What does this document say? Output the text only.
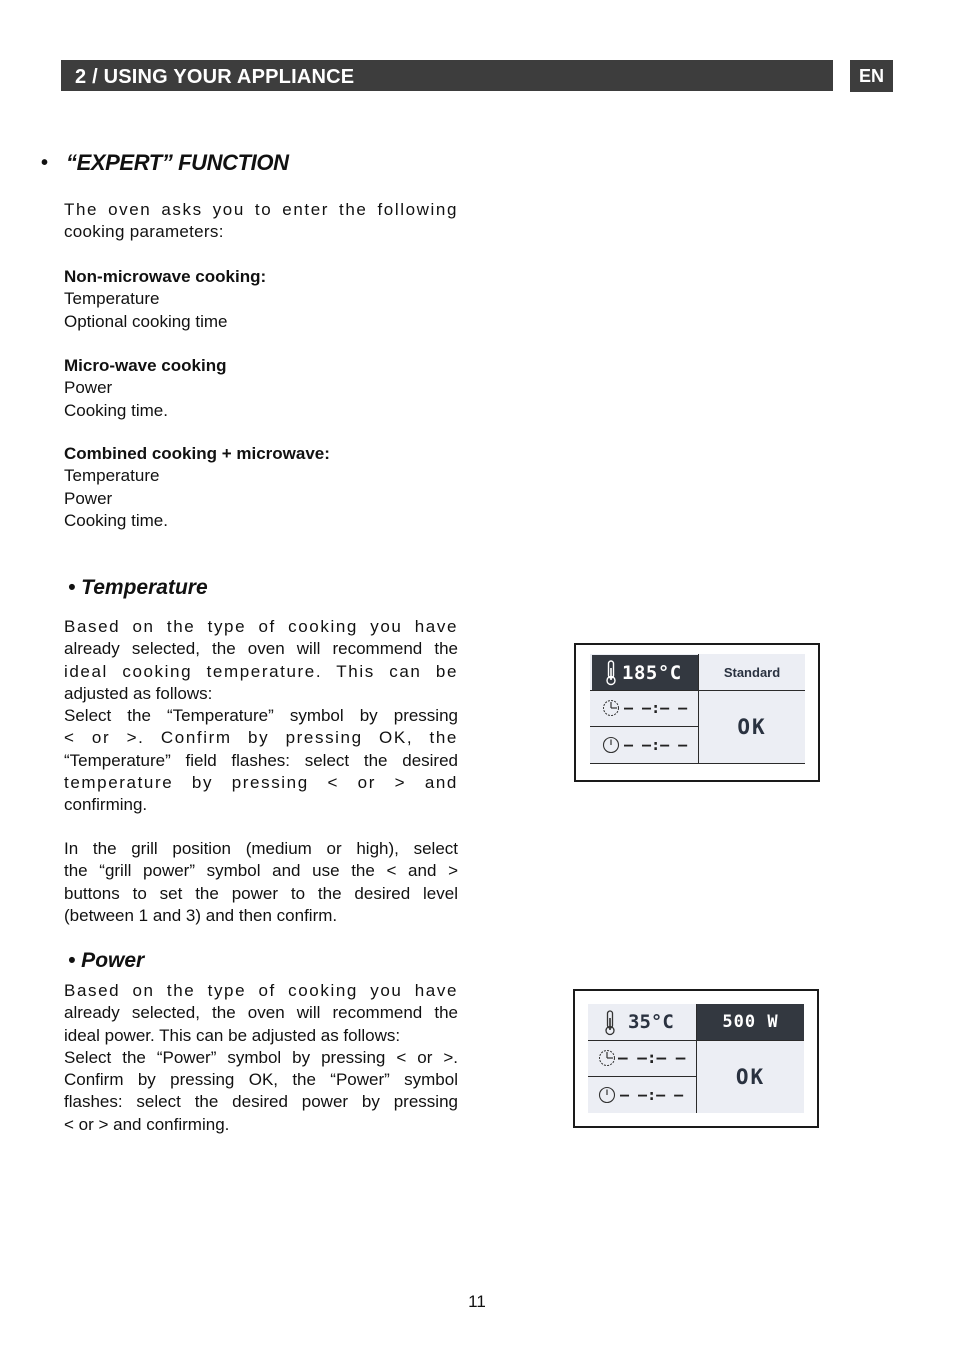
2 / USING YOUR APPLIANCE	EN
• “EXPERT” FUNCTION
The oven asks you to enter the following
cooking parameters:
Non-microwave cooking:
Temperature
Optional cooking time
Micro-wave cooking
Power
Cooking time.
Combined cooking + microwave:
Temperature
Power
Cooking time.
• Temperature
Based on the type of cooking you have
already selected, the oven will recommend the
ideal cooking temperature. This can be
adjusted as follows:
Select the “Temperature” symbol by pressing
< or >. Confirm by pressing OK, the
“Temperature” field flashes: select the desired
temperature by pressing < or > and
confirming.
In the grill position (medium or high), select
the “grill power” symbol and use the < and >
buttons to set the power to the desired level
(between 1 and 3) and then confirm.
185°C	Standard
– –:– –
– –:– –
OK
• Power
Based on the type of cooking you have
already selected, the oven will recommend the
ideal power. This can be adjusted as follows:
Select the “Power” symbol by pressing < or >.
Confirm by pressing OK, the “Power” symbol
flashes: select the desired power by pressing
< or > and confirming.
35°C	500 W
– –:– –
– –:– –
OK
11
